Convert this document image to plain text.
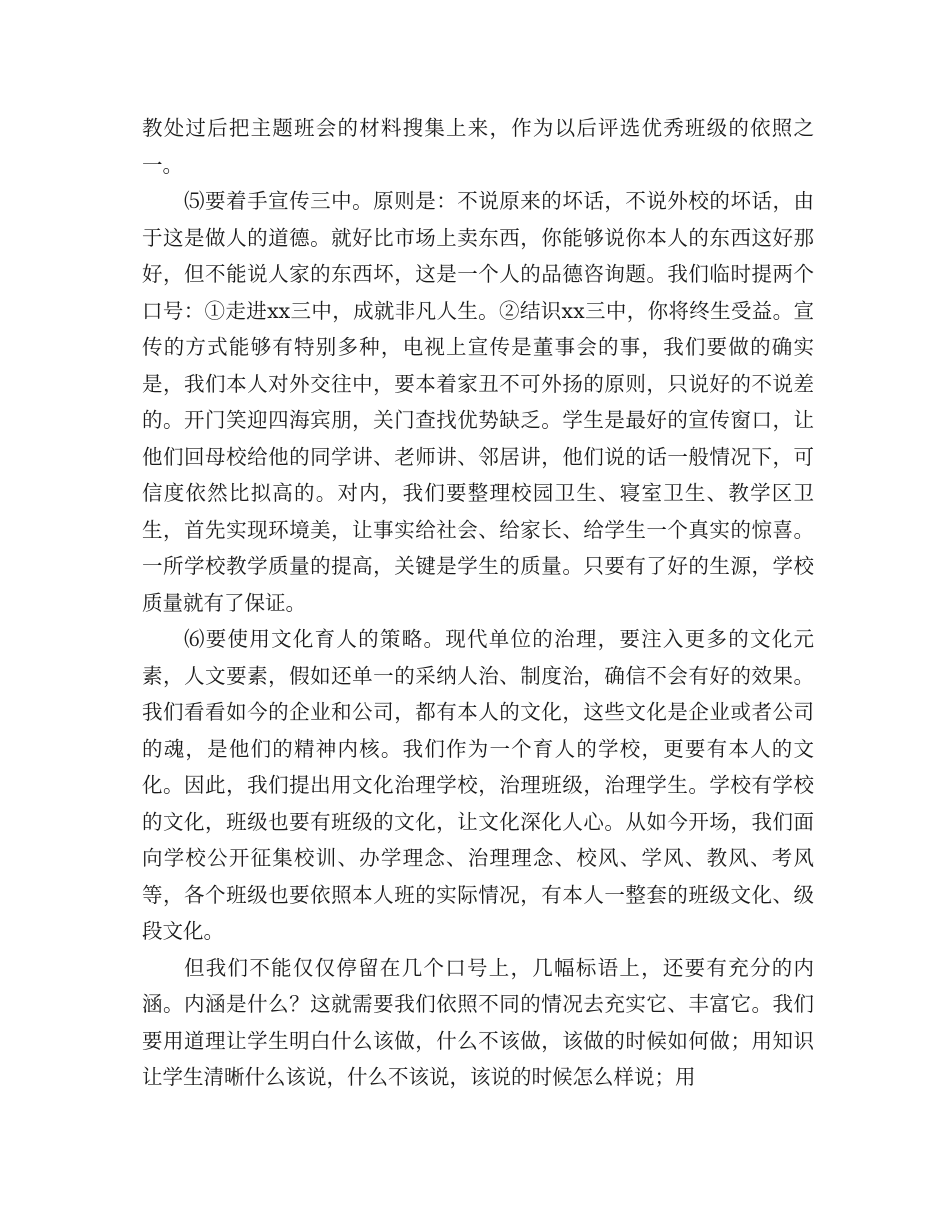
教处过后把主题班会的材料搜集上来，作为以后评选优秀班级的依照之一。

⑸要着手宣传三中。原则是：不说原来的坏话，不说外校的坏话，由于这是做人的道德。就好比市场上卖东西，你能够说你本人的东西这好那好，但不能说人家的东西坏，这是一个人的品德咨询题。我们临时提两个口号：①走进xx三中，成就非凡人生。②结识xx三中，你将终生受益。宣传的方式能够有特别多种，电视上宣传是董事会的事，我们要做的确实是，我们本人对外交往中，要本着家丑不可外扬的原则，只说好的不说差的。开门笑迎四海宾朋，关门查找优势缺乏。学生是最好的宣传窗口，让他们回母校给他的同学讲、老师讲、邻居讲，他们说的话一般情况下，可信度依然比拟高的。对内，我们要整理校园卫生、寝室卫生、教学区卫生，首先实现环境美，让事实给社会、给家长、给学生一个真实的惊喜。一所学校教学质量的提高，关键是学生的质量。只要有了好的生源，学校质量就有了保证。

⑹要使用文化育人的策略。现代单位的治理，要注入更多的文化元素，人文要素，假如还单一的采纳人治、制度治，确信不会有好的效果。我们看看如今的企业和公司，都有本人的文化，这些文化是企业或者公司的魂，是他们的精神内核。我们作为一个育人的学校，更要有本人的文化。因此，我们提出用文化治理学校，治理班级，治理学生。学校有学校的文化，班级也要有班级的文化，让文化深化人心。从如今开场，我们面向学校公开征集校训、办学理念、治理理念、校风、学风、教风、考风等，各个班级也要依照本人班的实际情况，有本人一整套的班级文化、级段文化。

但我们不能仅仅停留在几个口号上，几幅标语上，还要有充分的内涵。内涵是什么？这就需要我们依照不同的情况去充实它、丰富它。我们要用道理让学生明白什么该做，什么不该做，该做的时候如何做；用知识让学生清晰什么该说，什么不该说，该说的时候怎么样说；用
